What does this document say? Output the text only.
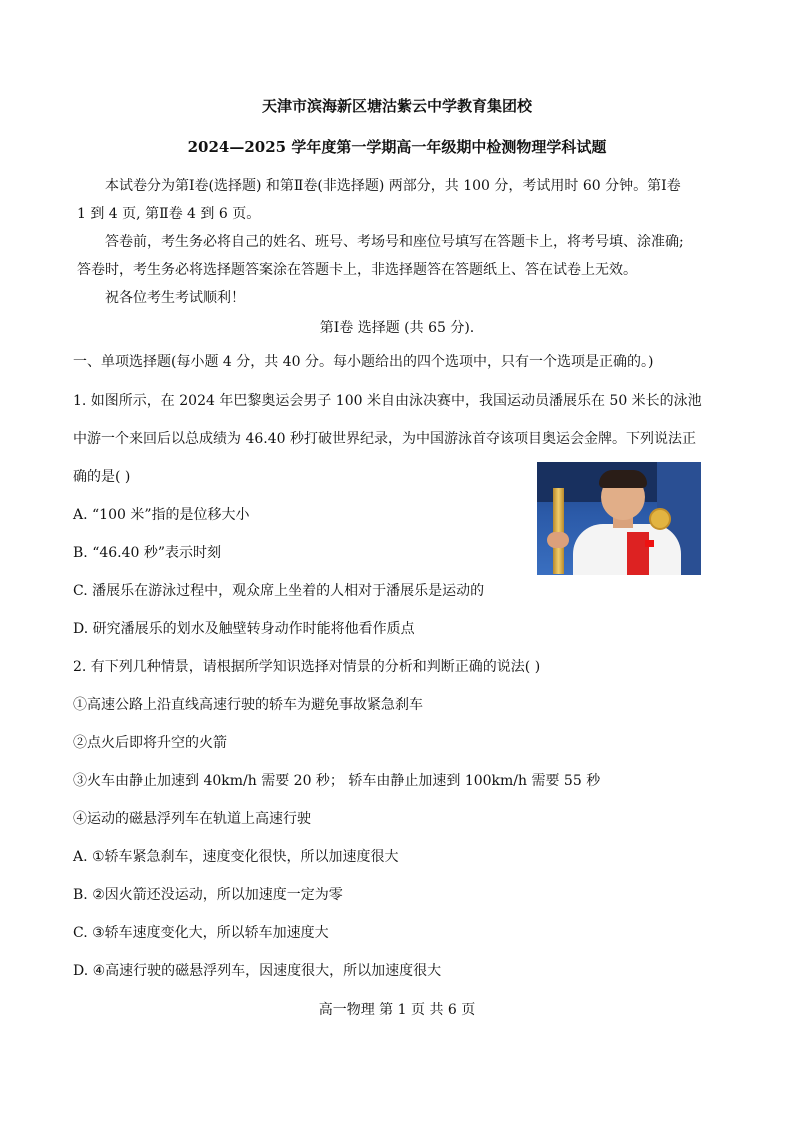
天津市滨海新区塘沽紫云中学教育集团校
2024—2025 学年度第一学期高一年级期中检测物理学科试题
本试卷分为第Ⅰ卷(选择题) 和第Ⅱ卷(非选择题) 两部分，共 100 分，考试用时 60 分钟。第Ⅰ卷
1 到 4 页, 第Ⅱ卷 4 到 6 页。
答卷前，考生务必将自己的姓名、班号、考场号和座位号填写在答题卡上，将考号填、涂准确;
答卷时，考生务必将选择题答案涂在答题卡上，非选择题答在答题纸上、答在试卷上无效。
祝各位考生考试顺利！
第Ⅰ卷 选择题 (共 65 分).
一、单项选择题(每小题 4 分，共 40 分。每小题给出的四个选项中，只有一个选项是正确的。)
1. 如图所示，在 2024 年巴黎奥运会男子 100 米自由泳决赛中，我国运动员潘展乐在 50 米长的泳池
中游一个来回后以总成绩为 46.40 秒打破世界纪录，为中国游泳首夺该项目奥运会金牌。下列说法正
确的是( )
A. “100 米”指的是位移大小
B. “46.40 秒”表示时刻
C. 潘展乐在游泳过程中，观众席上坐着的人相对于潘展乐是运动的
D. 研究潘展乐的划水及触壁转身动作时能将他看作质点
2. 有下列几种情景，请根据所学知识选择对情景的分析和判断正确的说法( )
①高速公路上沿直线高速行驶的轿车为避免事故紧急刹车
②点火后即将升空的火箭
③火车由静止加速到 40km/h 需要 20 秒； 轿车由静止加速到 100km/h 需要 55 秒
④运动的磁悬浮列车在轨道上高速行驶
A. ①轿车紧急刹车，速度变化很快，所以加速度很大
B. ②因火箭还没运动，所以加速度一定为零
C. ③轿车速度变化大，所以轿车加速度大
D. ④高速行驶的磁悬浮列车，因速度很大，所以加速度很大
高一物理 第 1 页 共 6 页
